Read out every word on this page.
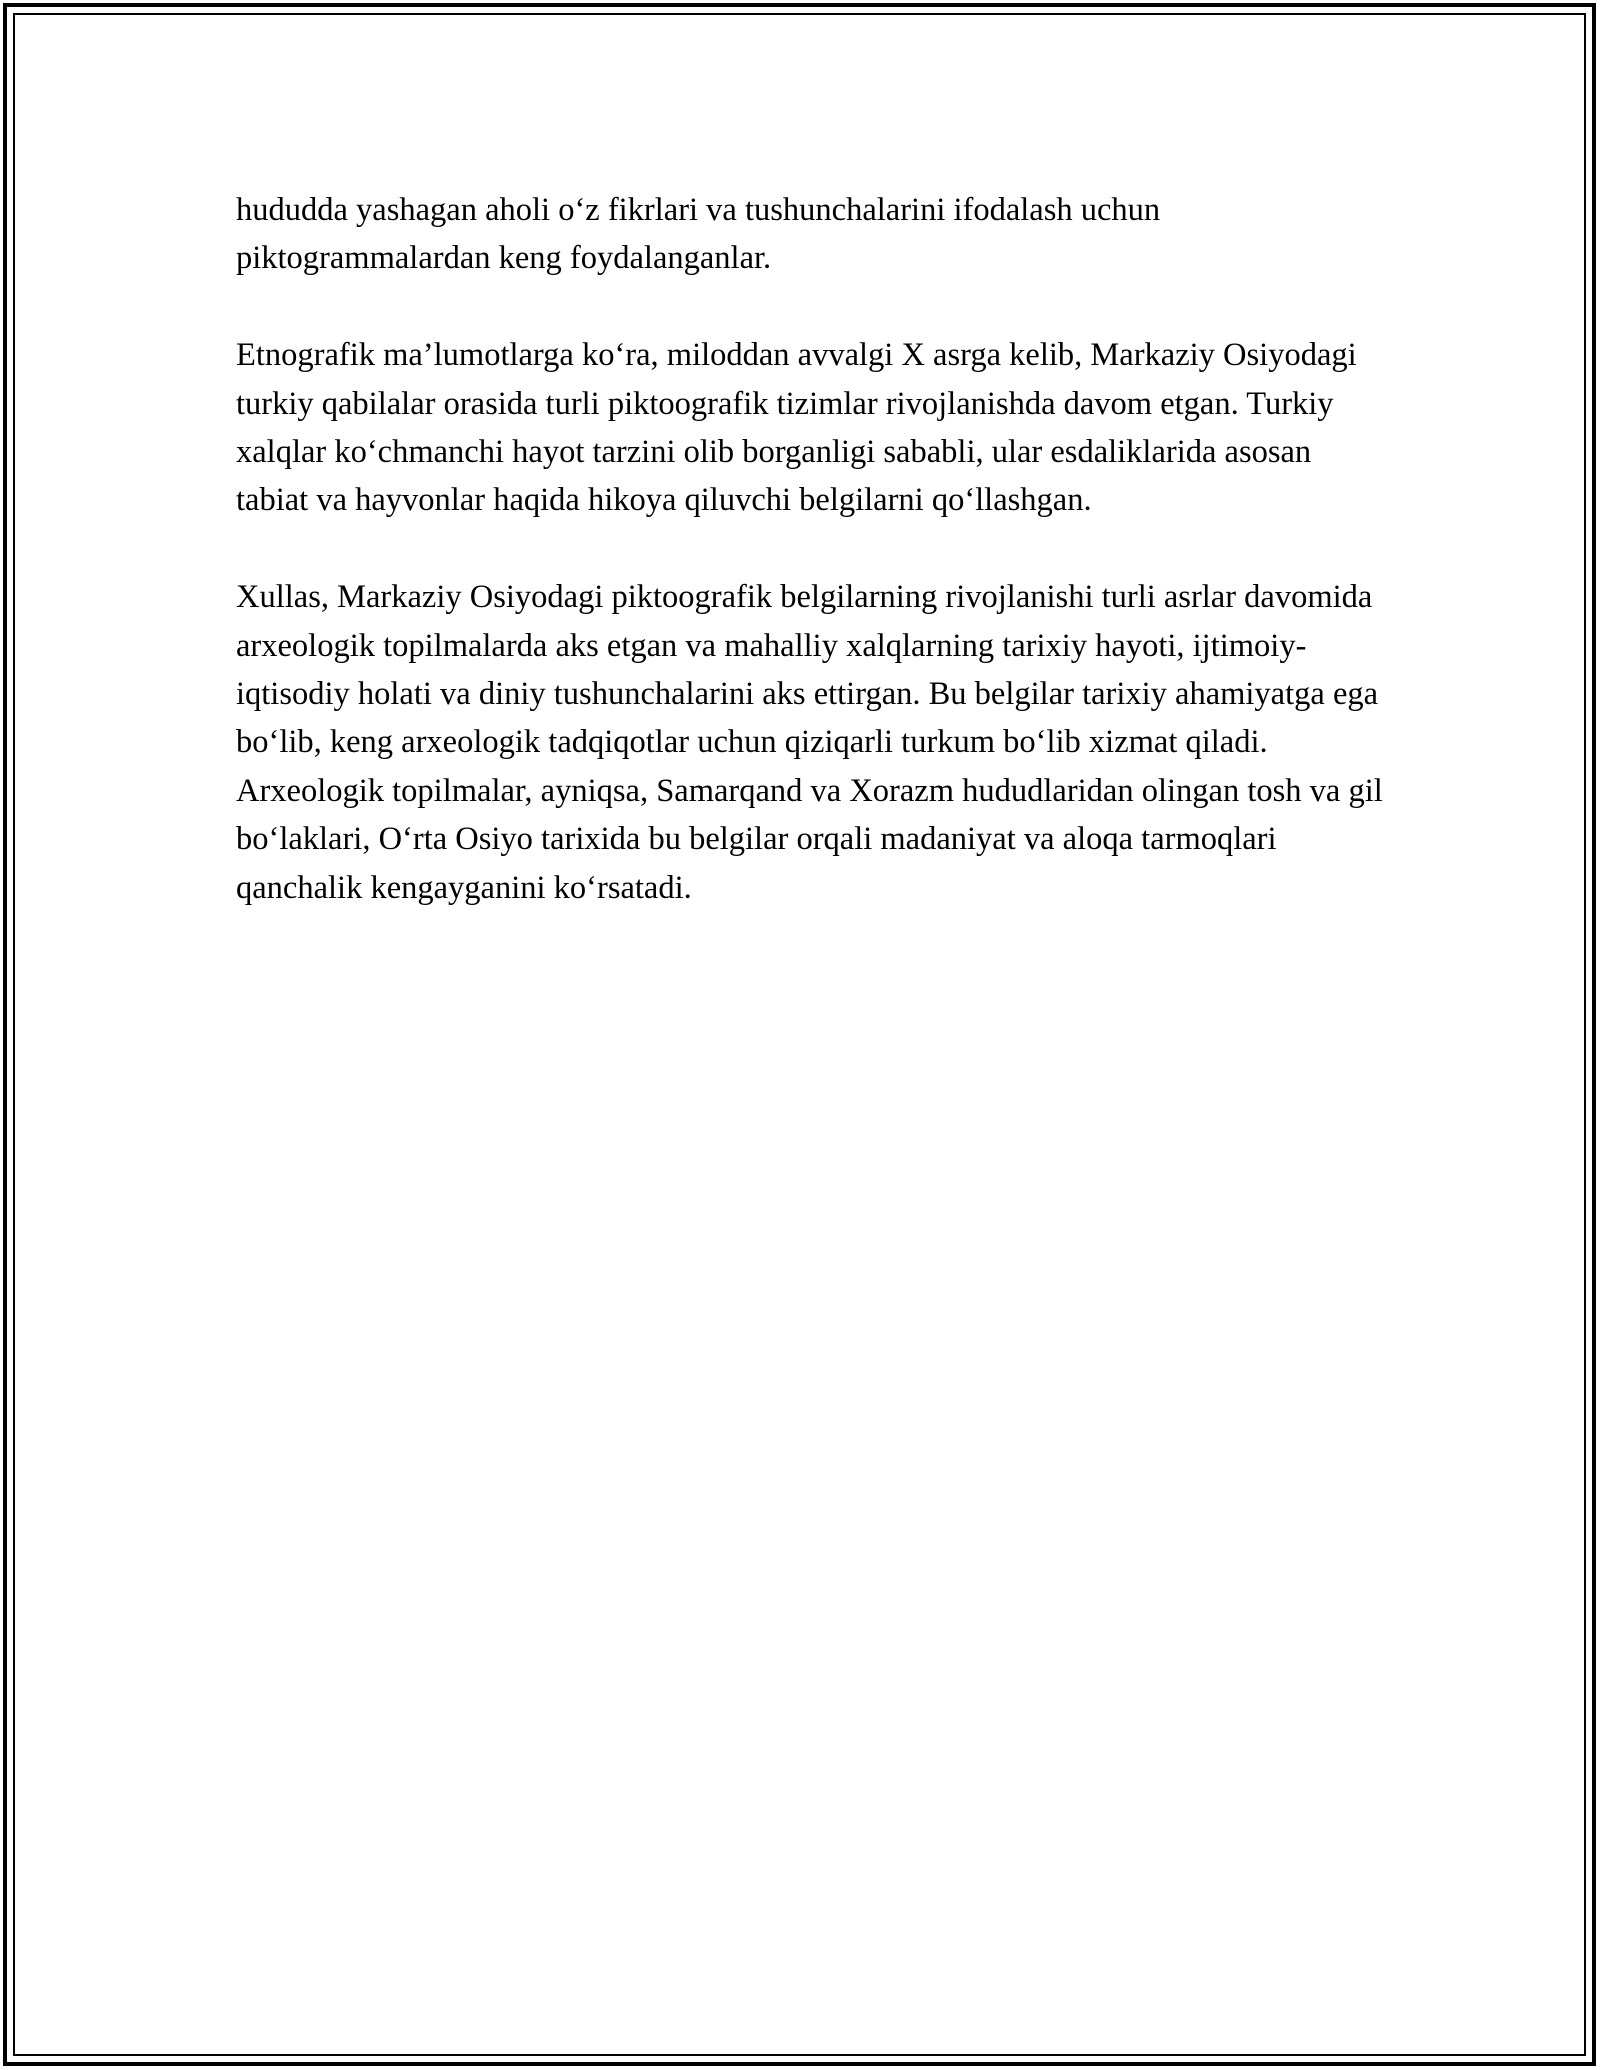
hududda yashagan aholi o‘z fikrlari va tushunchalarini ifodalash uchun piktogrammalardan keng foydalanganlar.

Etnografik ma’lumotlarga ko‘ra, miloddan avvalgi X asrga kelib, Markaziy Osiyodagi turkiy qabilalar orasida turli piktoografik tizimlar rivojlanishda davom etgan. Turkiy xalqlar ko‘chmanchi hayot tarzini olib borganligi sababli, ular esdaliklarida asosan tabiat va hayvonlar haqida hikoya qiluvchi belgilarni qo‘llashgan.

Xullas, Markaziy Osiyodagi piktoografik belgilarning rivojlanishi turli asrlar davomida arxeologik topilmalarda aks etgan va mahalliy xalqlarning tarixiy hayoti, ijtimoiy-iqtisodiy holati va diniy tushunchalarini aks ettirgan. Bu belgilar tarixiy ahamiyatga ega bo‘lib, keng arxeologik tadqiqotlar uchun qiziqarli turkum bo‘lib xizmat qiladi. Arxeologik topilmalar, ayniqsa, Samarqand va Xorazm hududlaridan olingan tosh va gil bo‘laklari, O‘rta Osiyo tarixida bu belgilar orqali madaniyat va aloqa tarmoqlari qanchalik kengayganini ko‘rsatadi.
